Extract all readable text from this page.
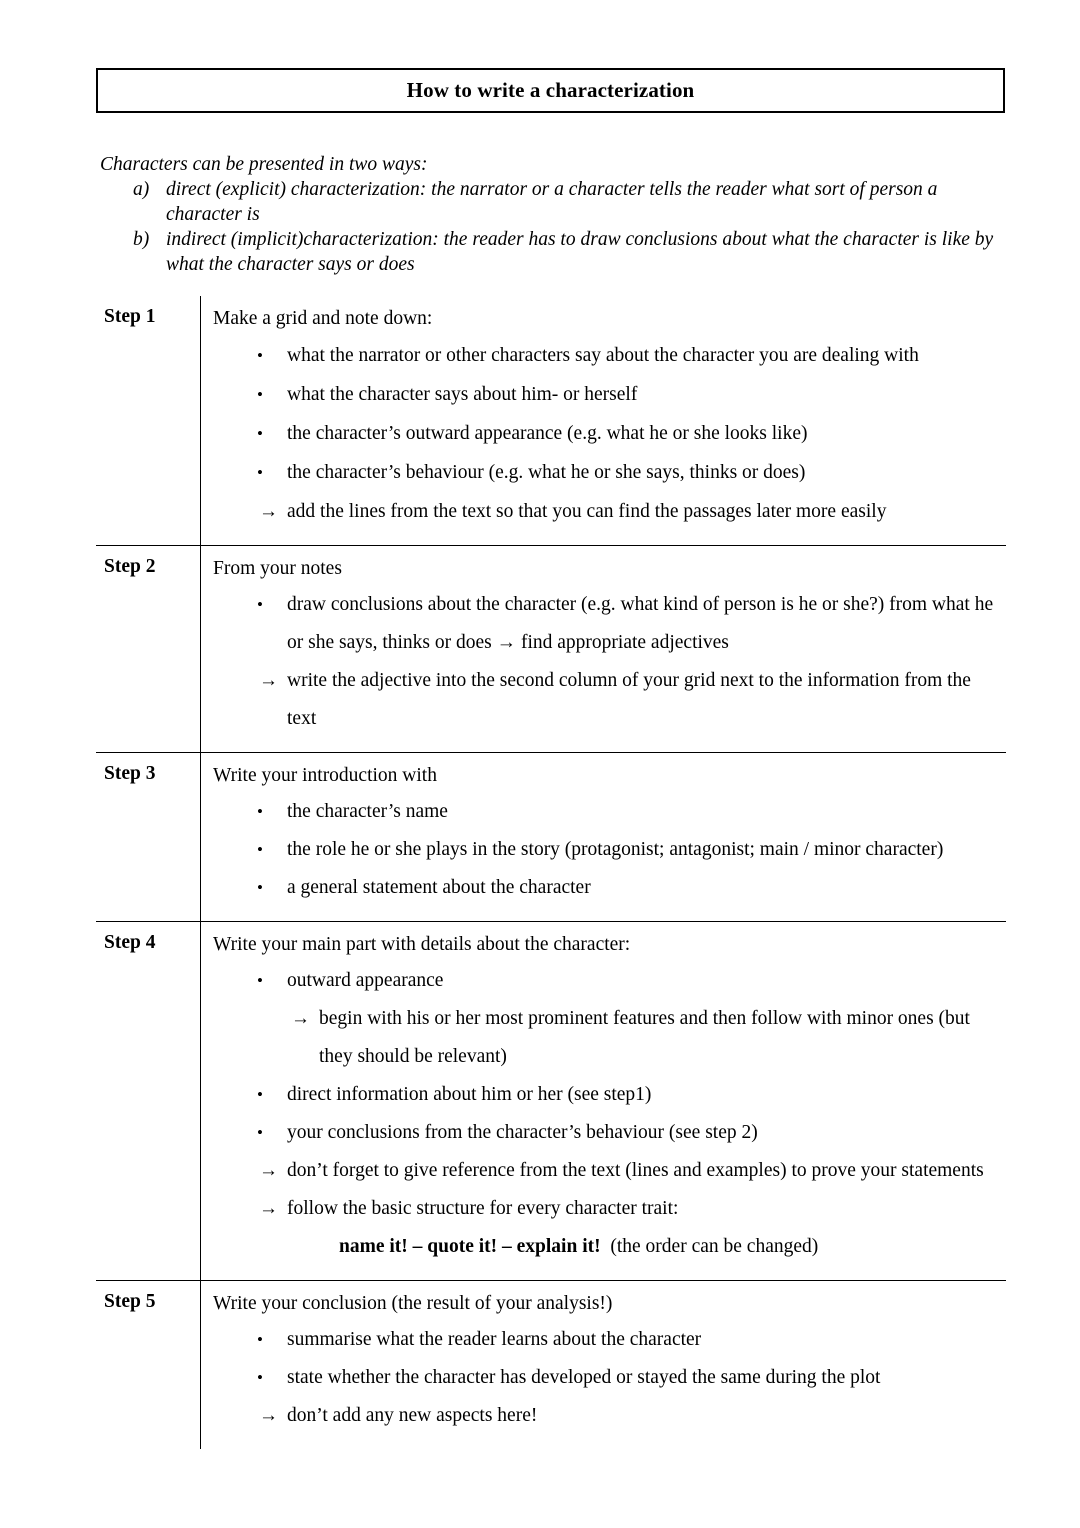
How to write a characterization

Characters can be presented in two ways:

a) direct (explicit) characterization: the narrator or a character tells the reader what sort of person a character is
b) indirect (implicit)characterization: the reader has to draw conclusions about what the character is like by what the character says or does
Step 1	Make a grid and note down:

• what the narrator or other characters say about the character you are dealing with
• what the character says about him- or herself
• the character’s outward appearance (e.g. what he or she looks like)
• the character’s behaviour (e.g. what he or she says, thinks or does)
→ add the lines from the text so that you can find the passages later more easily
Step 2	From your notes

• draw conclusions about the character (e.g. what kind of person is he or she?) from what he or she says, thinks or does → find appropriate adjectives
→ write the adjective into the second column of your grid next to the information from the text
Step 3	Write your introduction with

• the character’s name
• the role he or she plays in the story (protagonist; antagonist; main / minor character)
• a general statement about the character
Step 4	Write your main part with details about the character:

• outward appearance
→ begin with his or her most prominent features and then follow with minor ones (but they should be relevant)
• direct information about him or her (see step1)
• your conclusions from the character’s behaviour (see step 2)
→ don’t forget to give reference from the text (lines and examples) to prove your statements
→ follow the basic structure for every character trait:
name it! – quote it! – explain it! (the order can be changed)
Step 5	Write your conclusion (the result of your analysis!)

• summarise what the reader learns about the character
• state whether the character has developed or stayed the same during the plot
→ don’t add any new aspects here!
